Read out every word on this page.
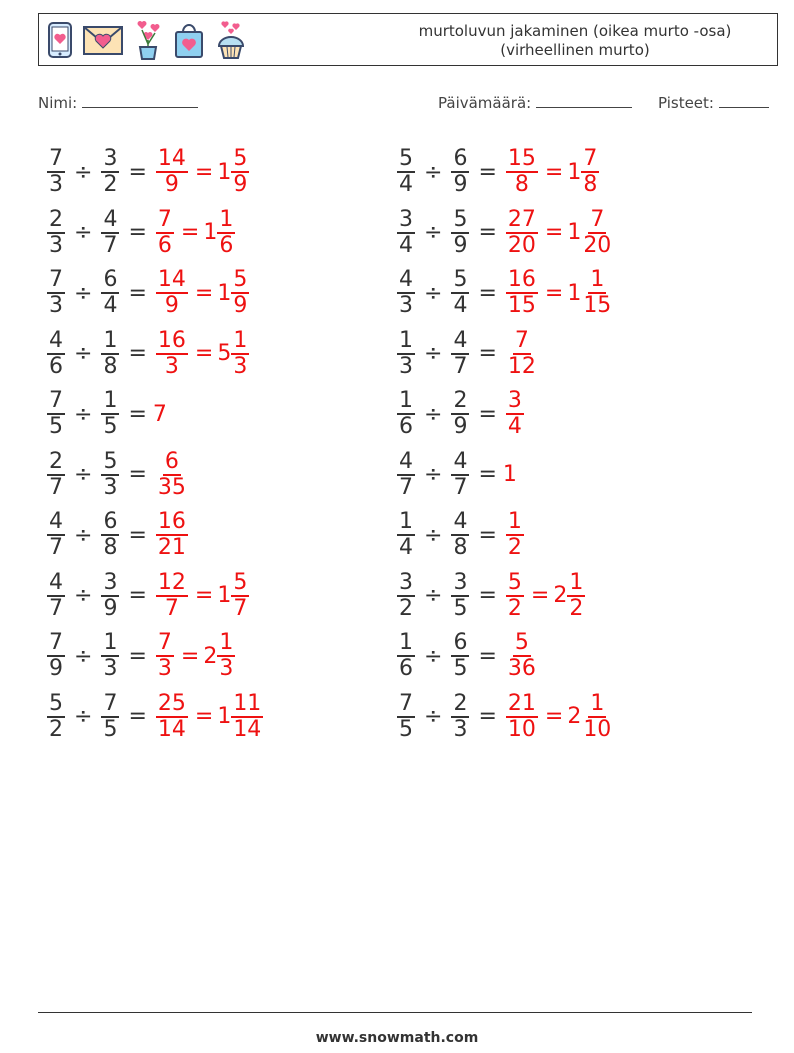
murtoluvun jakaminen (oikea murto -osa)
(virheellinen murto)
Nimi:	Päivämäärä:	Pisteet:
$\frac{7}{3} \div \frac{3}{2} = \frac{14}{9} = 1 \frac{5}{9}$	$\frac{5}{4} \div \frac{6}{9} = \frac{15}{8} = 1 \frac{7}{8}$
$\frac{2}{3} \div \frac{4}{7} = \frac{7}{6} = 1 \frac{1}{6}$	$\frac{3}{4} \div \frac{5}{9} = \frac{27}{20} = 1 \frac{7}{20}$
$\frac{7}{3} \div \frac{6}{4} = \frac{14}{9} = 1 \frac{5}{9}$	$\frac{4}{3} \div \frac{5}{4} = \frac{16}{15} = 1 \frac{1}{15}$
$\frac{4}{6} \div \frac{1}{8} = \frac{16}{3} = 5 \frac{1}{3}$	$\frac{1}{3} \div \frac{4}{7} = \frac{7}{12}$
$\frac{7}{5} \div \frac{1}{5} = 7$	$\frac{1}{6} \div \frac{2}{9} = \frac{3}{4}$
$\frac{2}{7} \div \frac{5}{3} = \frac{6}{35}$	$\frac{4}{7} \div \frac{4}{7} = 1$
$\frac{4}{7} \div \frac{6}{8} = \frac{16}{21}$	$\frac{1}{4} \div \frac{4}{8} = \frac{1}{2}$
$\frac{4}{7} \div \frac{3}{9} = \frac{12}{7} = 1 \frac{5}{7}$	$\frac{3}{2} \div \frac{3}{5} = \frac{5}{2} = 2 \frac{1}{2}$
$\frac{7}{9} \div \frac{1}{3} = \frac{7}{3} = 2 \frac{1}{3}$	$\frac{1}{6} \div \frac{6}{5} = \frac{5}{36}$
$\frac{5}{2} \div \frac{7}{5} = \frac{25}{14} = 1 \frac{11}{14}$	$\frac{7}{5} \div \frac{2}{3} = \frac{21}{10} = 2 \frac{1}{10}$
www.snowmath.com
